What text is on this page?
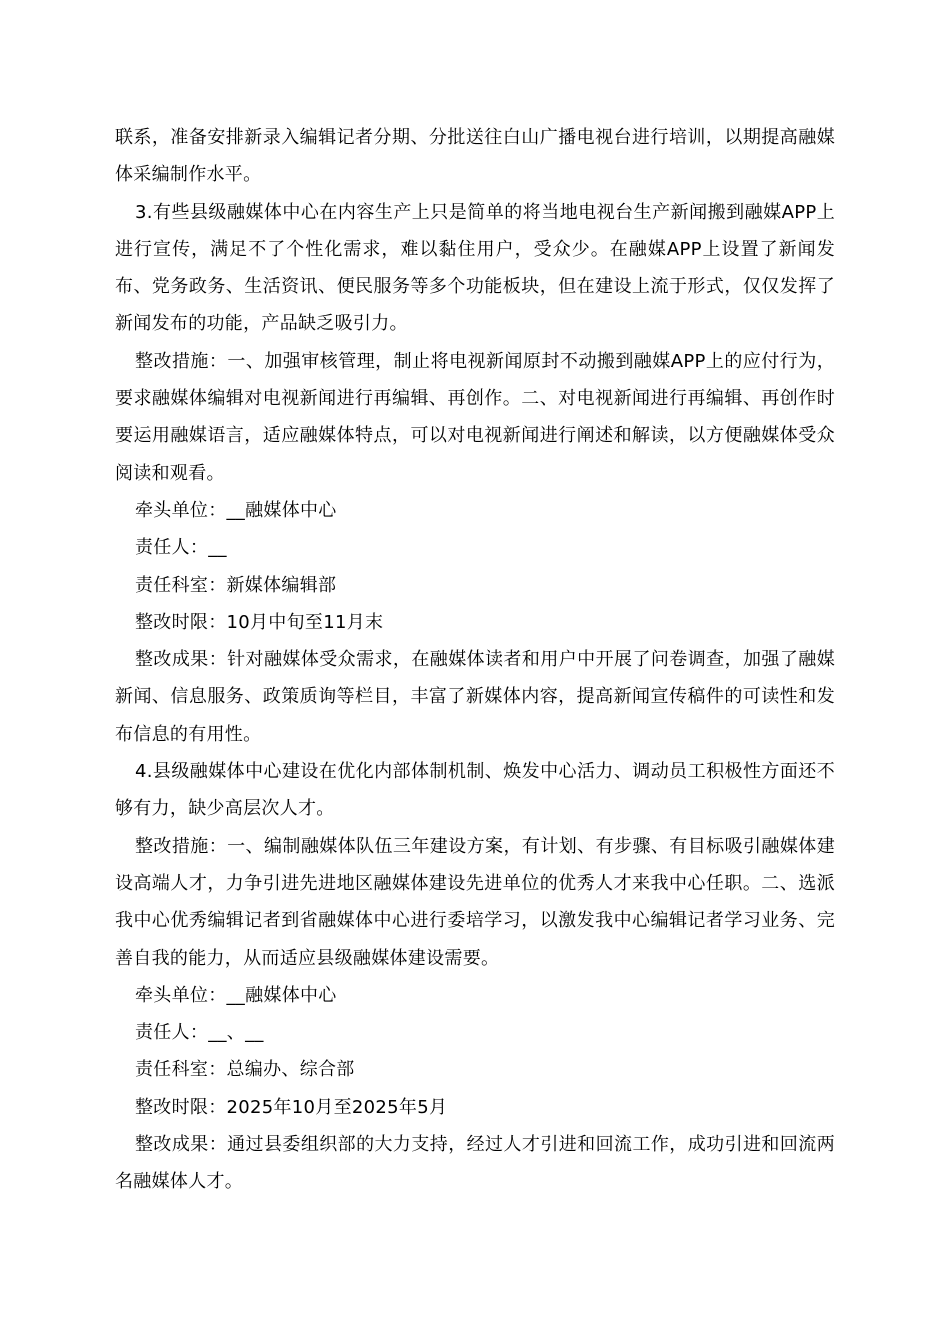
联系，准备安排新录入编辑记者分期、分批送往白山广播电视台进行培训，以期提高融媒体采编制作水平。

3.有些县级融媒体中心在内容生产上只是简单的将当地电视台生产新闻搬到融媒APP上进行宣传，满足不了个性化需求，难以黏住用户，受众少。在融媒APP上设置了新闻发布、党务政务、生活资讯、便民服务等多个功能板块，但在建设上流于形式，仅仅发挥了新闻发布的功能，产品缺乏吸引力。

整改措施：一、加强审核管理，制止将电视新闻原封不动搬到融媒APP上的应付行为，要求融媒体编辑对电视新闻进行再编辑、再创作。二、对电视新闻进行再编辑、再创作时要运用融媒语言，适应融媒体特点，可以对电视新闻进行阐述和解读，以方便融媒体受众阅读和观看。

牵头单位：__融媒体中心

责任人：__

责任科室：新媒体编辑部

整改时限：10月中旬至11月末

整改成果：针对融媒体受众需求，在融媒体读者和用户中开展了问卷调查，加强了融媒新闻、信息服务、政策质询等栏目，丰富了新媒体内容，提高新闻宣传稿件的可读性和发布信息的有用性。

4.县级融媒体中心建设在优化内部体制机制、焕发中心活力、调动员工积极性方面还不够有力，缺少高层次人才。

整改措施：一、编制融媒体队伍三年建设方案，有计划、有步骤、有目标吸引融媒体建设高端人才，力争引进先进地区融媒体建设先进单位的优秀人才来我中心任职。二、选派我中心优秀编辑记者到省融媒体中心进行委培学习，以激发我中心编辑记者学习业务、完善自我的能力，从而适应县级融媒体建设需要。

牵头单位：__融媒体中心

责任人：__、__

责任科室：总编办、综合部

整改时限：2025年10月至2025年5月

整改成果：通过县委组织部的大力支持，经过人才引进和回流工作，成功引进和回流两名融媒体人才。
